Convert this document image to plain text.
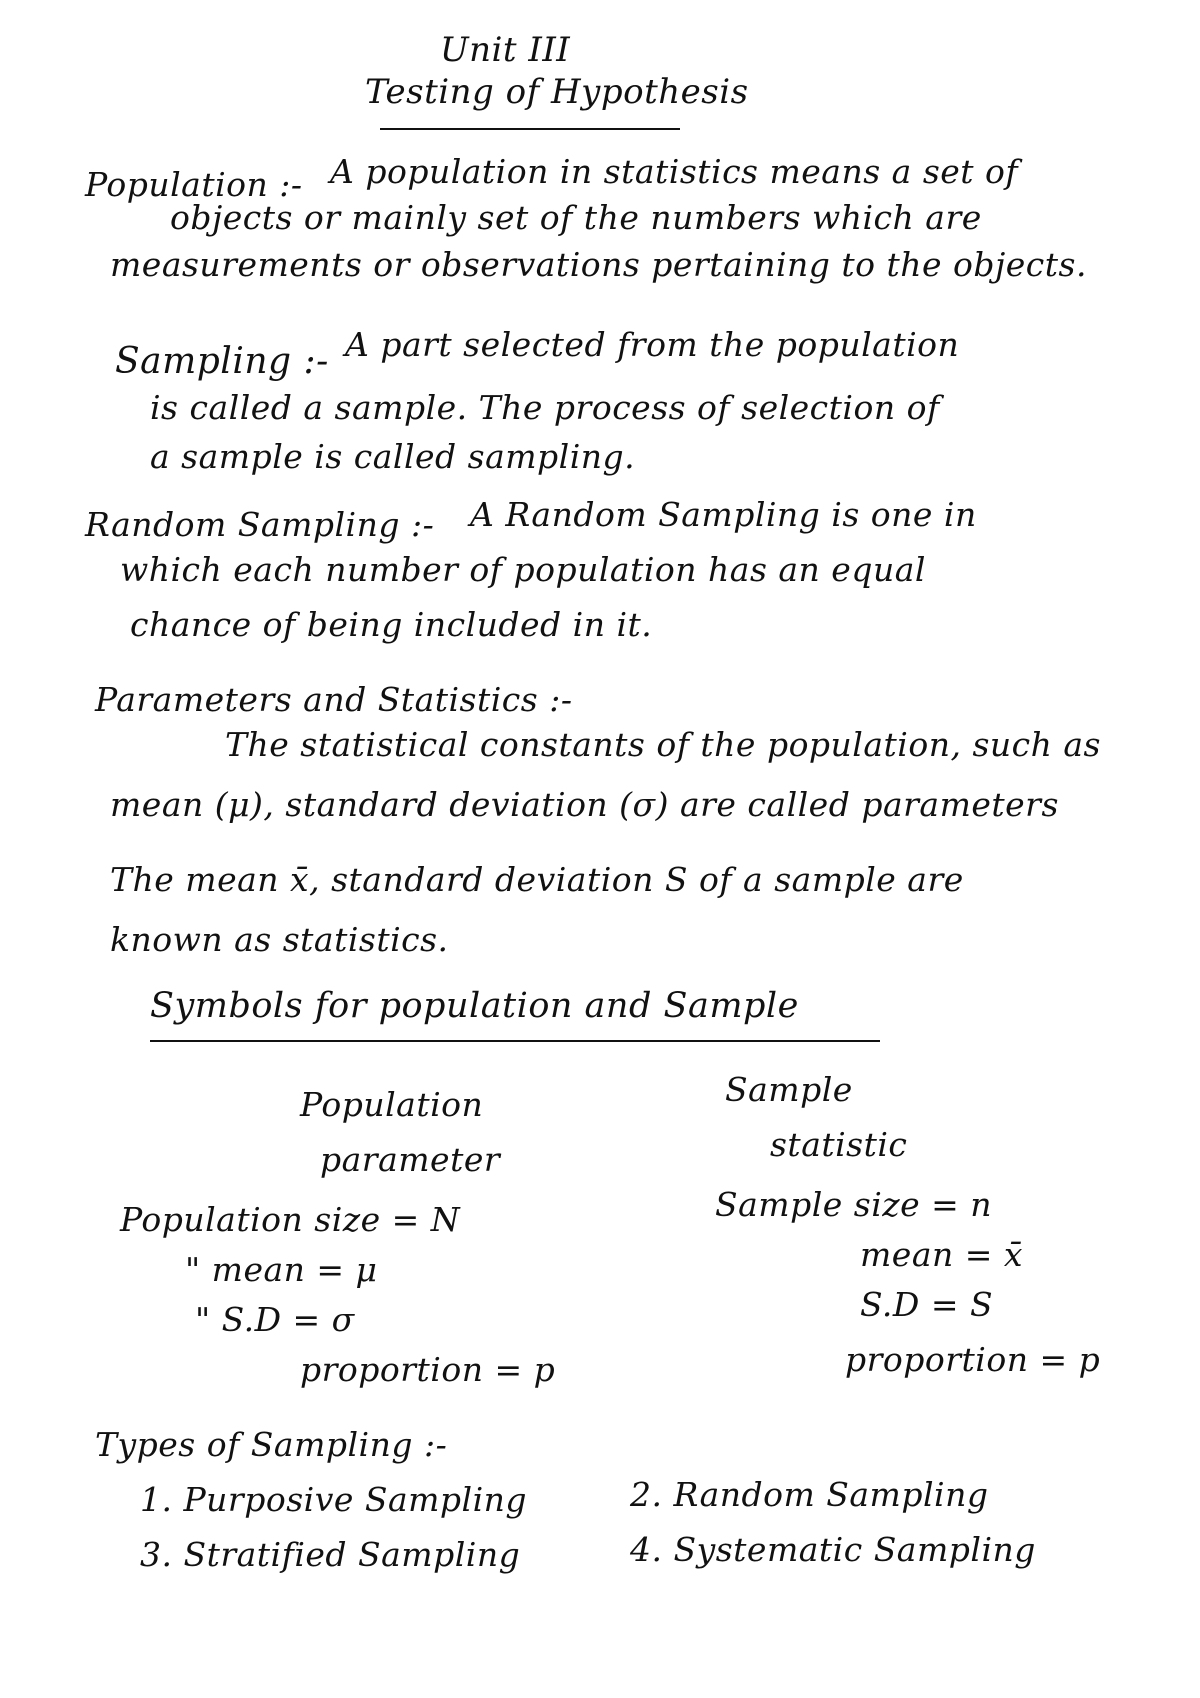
Unit III
Testing of Hypothesis
Population :- A population in statistics means a set of
objects or mainly set of the numbers which are
measurements or observations pertaining to the objects.
Sampling :- A part selected from the population
is called a sample. The process of selection of
a sample is called sampling.
Random Sampling :- A Random Sampling is one in
which each number of population has an equal
chance of being included in it.
Parameters and Statistics :-
The statistical constants of the population, such as
mean (μ), standard deviation (σ) are called parameters
The mean x̄, standard deviation S of a sample are
known as statistics.
Symbols for population and Sample
Population
parameter
Sample
statistic
Population size = N
" mean = μ
" S.D = σ
proportion = p
Sample size = n
mean = x̄
S.D = S
proportion = p
Types of Sampling :-
1. Purposive Sampling	2. Random Sampling
3. Stratified Sampling	4. Systematic Sampling
